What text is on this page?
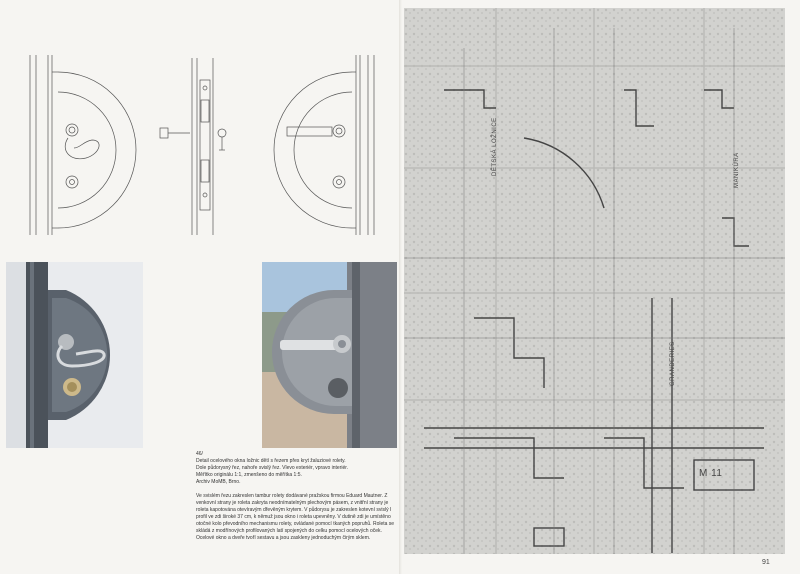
46/

Detail ocelového okna ložnic dětí s řezem přes kryt žaluziové rolety.

Dole půdorysný řez, nahoře svislý řez. Vlevo exteriér, vpravo interiér.

Měřítko originálu 1:1, zmenšeno do měřítka 1:5.

Archiv MoMB, Brno.

Ve svislém řezu zakreslen tambur rolety dodávané pražskou firmou Eduard Mautner. Z venkovní strany je roleta zakryta neodnímatelným plechovým pásem, z vnitřní strany je roleta kapotována otevíravým dřevěným krytem. V půdorysu je zakreslen kotevní svislý I profil ve zdi široké 37 cm, k němuž jsou okno i roleta upevněny. V dutině zdi je umístěno otočné kolo převodního mechanismu rolety, ovládané pomocí tkaných popruhů. Roleta se skládá z modřínových profilovaných latí spojených do celku pomocí ocelových oček. Ocelové okno a dveře tvoří sestavu a jsou zaskleny jednoduchým čirým sklem.

DĚTSKÁ LOŽNICE	MANIKÚRA
GRANDERIES
M 11
91
